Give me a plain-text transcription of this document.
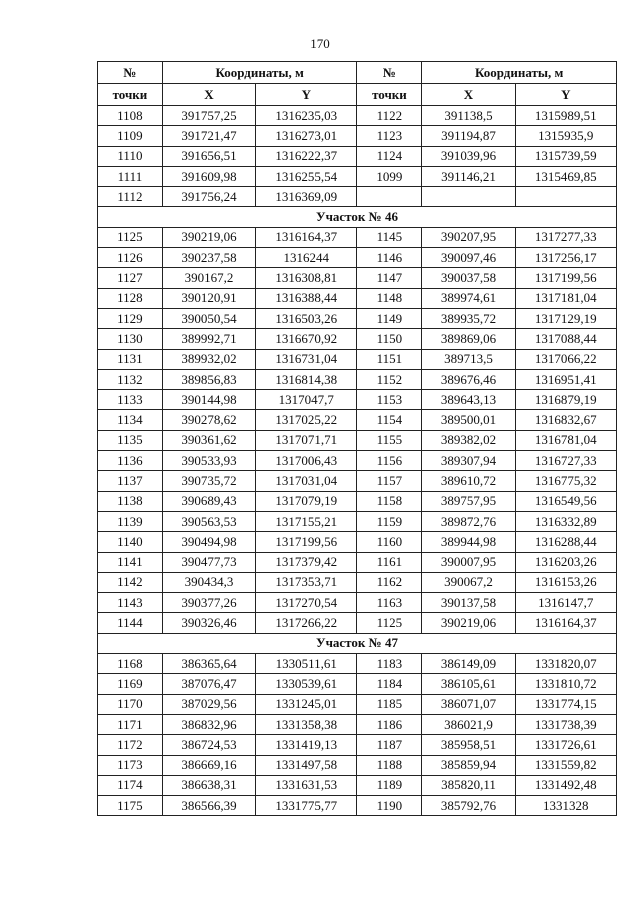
170
№	Координаты, м		№	Координаты, м	
точки	X	Y	точки	X	Y
1108	391757,25	1316235,03	1122	391138,5	1315989,51
1109	391721,47	1316273,01	1123	391194,87	1315935,9
1110	391656,51	1316222,37	1124	391039,96	1315739,59
1111	391609,98	1316255,54	1099	391146,21	1315469,85
1112	391756,24	1316369,09			
Участок № 46					
1125	390219,06	1316164,37	1145	390207,95	1317277,33
1126	390237,58	1316244	1146	390097,46	1317256,17
1127	390167,2	1316308,81	1147	390037,58	1317199,56
1128	390120,91	1316388,44	1148	389974,61	1317181,04
1129	390050,54	1316503,26	1149	389935,72	1317129,19
1130	389992,71	1316670,92	1150	389869,06	1317088,44
1131	389932,02	1316731,04	1151	389713,5	1317066,22
1132	389856,83	1316814,38	1152	389676,46	1316951,41
1133	390144,98	1317047,7	1153	389643,13	1316879,19
1134	390278,62	1317025,22	1154	389500,01	1316832,67
1135	390361,62	1317071,71	1155	389382,02	1316781,04
1136	390533,93	1317006,43	1156	389307,94	1316727,33
1137	390735,72	1317031,04	1157	389610,72	1316775,32
1138	390689,43	1317079,19	1158	389757,95	1316549,56
1139	390563,53	1317155,21	1159	389872,76	1316332,89
1140	390494,98	1317199,56	1160	389944,98	1316288,44
1141	390477,73	1317379,42	1161	390007,95	1316203,26
1142	390434,3	1317353,71	1162	390067,2	1316153,26
1143	390377,26	1317270,54	1163	390137,58	1316147,7
1144	390326,46	1317266,22	1125	390219,06	1316164,37
Участок № 47					
1168	386365,64	1330511,61	1183	386149,09	1331820,07
1169	387076,47	1330539,61	1184	386105,61	1331810,72
1170	387029,56	1331245,01	1185	386071,07	1331774,15
1171	386832,96	1331358,38	1186	386021,9	1331738,39
1172	386724,53	1331419,13	1187	385958,51	1331726,61
1173	386669,16	1331497,58	1188	385859,94	1331559,82
1174	386638,31	1331631,53	1189	385820,11	1331492,48
1175	386566,39	1331775,77	1190	385792,76	1331328
